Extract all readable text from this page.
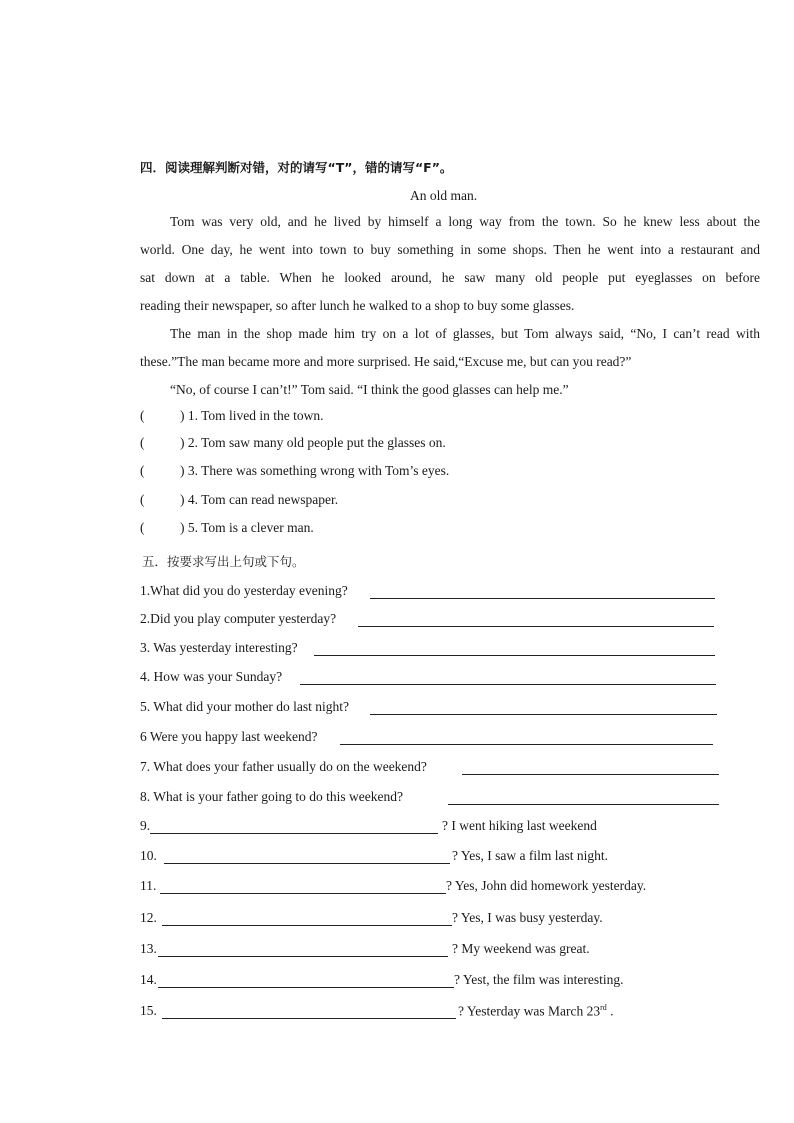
四．阅读理解判断对错，对的请写“T”，错的请写“F”。
An old man.
Tom was very old, and he lived by himself a long way from the town. So he knew less about the
world. One day, he went into town to buy something in some shops. Then he went into a restaurant and
sat down at a table. When he looked around, he saw many old people put eyeglasses on before
reading their newspaper, so after lunch he walked to a shop to buy some glasses.
The man in the shop made him try on a lot of glasses, but Tom always said, “No, I can’t read with
these.”The man became more and more surprised. He said,“Excuse me, but can you read?”
“No, of course I can’t!” Tom said. “I think the good glasses can help me.”
(	) 1. Tom lived in the town.
(	) 2. Tom saw many old people put the glasses on.
(	) 3. There was something wrong with Tom’s eyes.
(	) 4. Tom can read newspaper.
(	) 5. Tom is a clever man.
五．按要求写出上句或下句。
1.What did you do yesterday evening?
2.Did you play computer yesterday?
3. Was yesterday interesting?
4. How was your Sunday?
5. What did your mother do last night?
6 Were you happy last weekend?
7. What does your father usually do on the weekend?
8. What is your father going to do this weekend?
9.	? I went hiking last weekend
10.	? Yes, I saw a film last night.
11.	? Yes, John did homework yesterday.
12.	? Yes, I was busy yesterday.
13.	? My weekend was great.
14.	? Yest, the film was interesting.
15.	? Yesterday was March 23rd .
